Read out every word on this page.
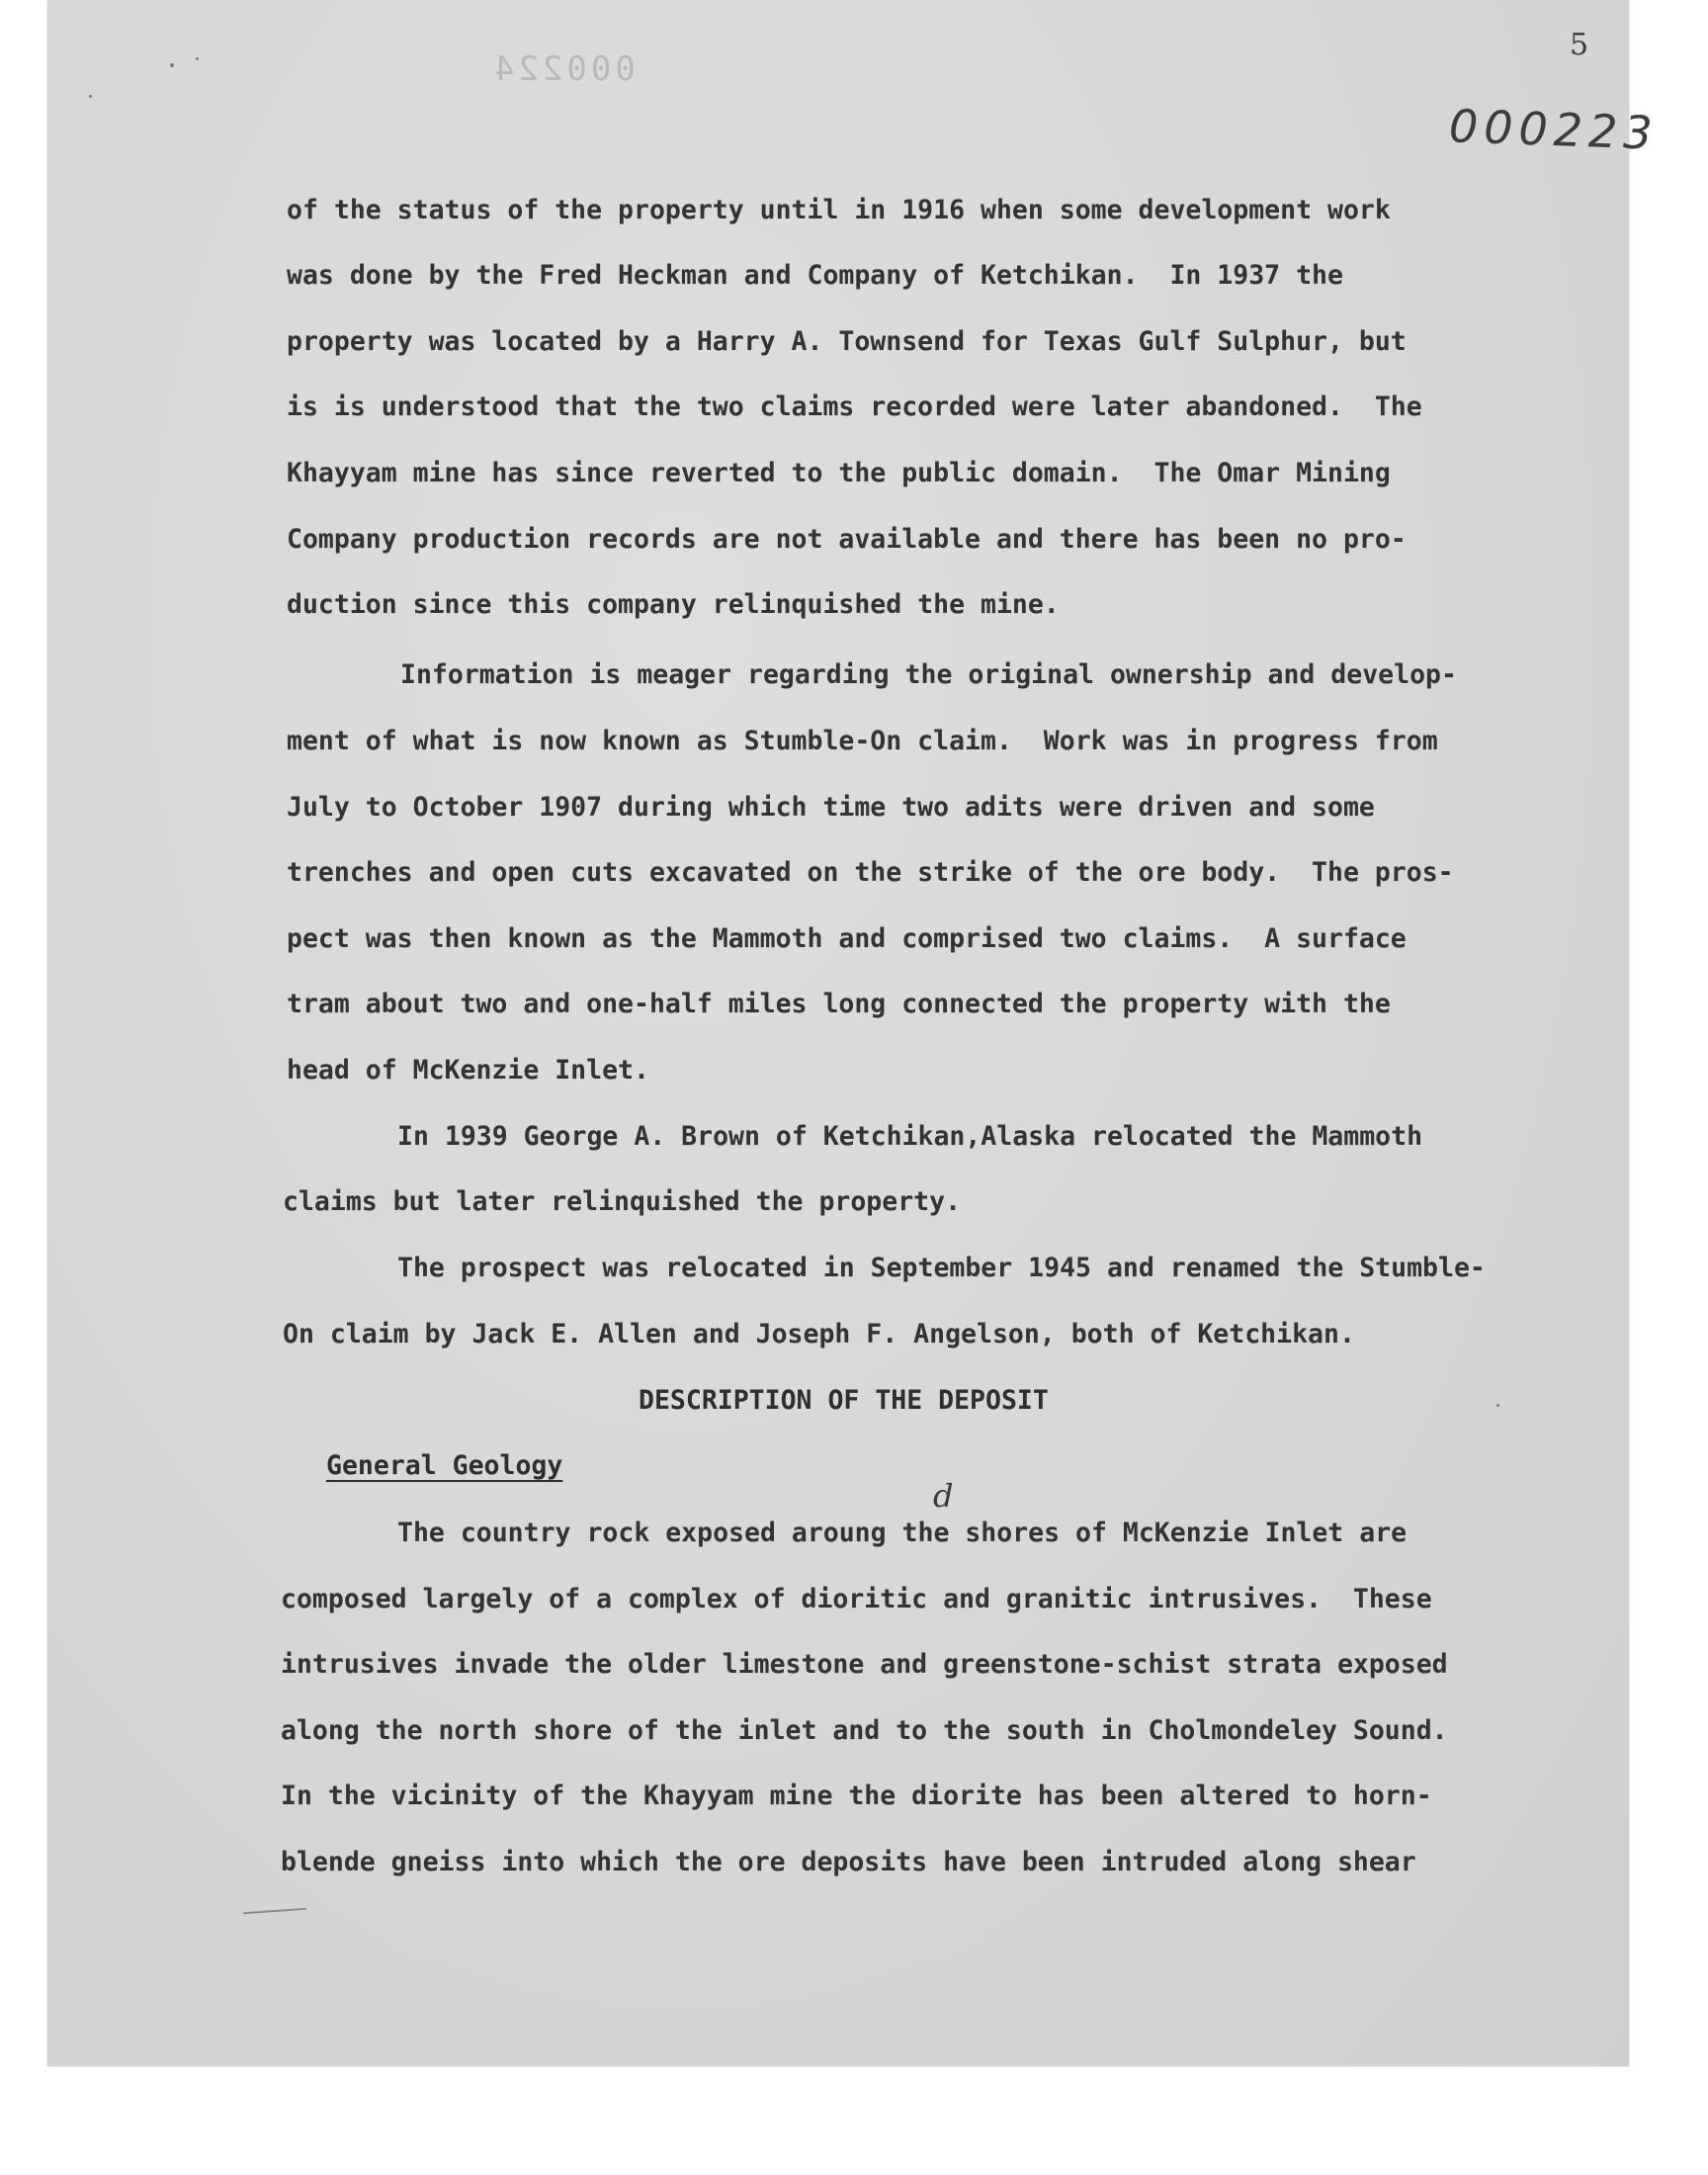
000224
5
000223
of the status of the property until in 1916 when some development work
was done by the Fred Heckman and Company of Ketchikan.  In 1937 the
property was located by a Harry A. Townsend for Texas Gulf Sulphur, but
is is understood that the two claims recorded were later abandoned.  The
Khayyam mine has since reverted to the public domain.  The Omar Mining
Company production records are not available and there has been no pro-
duction since this company relinquished the mine.
Information is meager regarding the original ownership and develop-
ment of what is now known as Stumble-On claim.  Work was in progress from
July to October 1907 during which time two adits were driven and some
trenches and open cuts excavated on the strike of the ore body.  The pros-
pect was then known as the Mammoth and comprised two claims.  A surface
tram about two and one-half miles long connected the property with the
head of McKenzie Inlet.
In 1939 George A. Brown of Ketchikan,Alaska relocated the Mammoth
claims but later relinquished the property.
The prospect was relocated in September 1945 and renamed the Stumble-
On claim by Jack E. Allen and Joseph F. Angelson, both of Ketchikan.
DESCRIPTION OF THE DEPOSIT
General Geology
d
The country rock exposed aroung the shores of McKenzie Inlet are
composed largely of a complex of dioritic and granitic intrusives.  These
intrusives invade the older limestone and greenstone-schist strata exposed
along the north shore of the inlet and to the south in Cholmondeley Sound.
In the vicinity of the Khayyam mine the diorite has been altered to horn-
blende gneiss into which the ore deposits have been intruded along shear
